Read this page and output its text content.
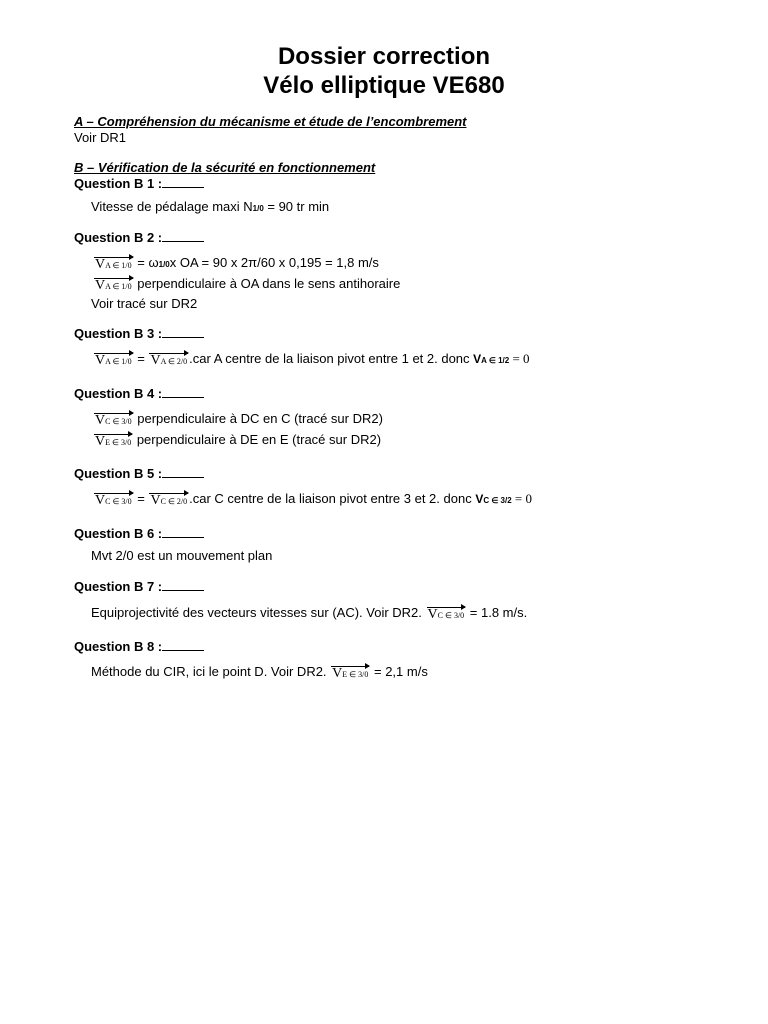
Dossier correction
Vélo elliptique VE680
A – Compréhension du mécanisme et étude de l’encombrement
Voir DR1
B – Vérification de la sécurité en fonctionnement
Question B 1 :
Vitesse de pédalage maxi N1/0 = 90 tr min
Question B 2 :
VA ∈ 1/0 = ω1/0x OA = 90 x 2π/60 x 0,195 = 1,8 m/s
VA ∈ 1/0 perpendiculaire à OA dans le sens antihoraire
Voir tracé sur DR2
Question B 3 :
VA ∈ 1/0 = VA ∈ 2/0 .car A centre de la liaison pivot entre 1 et 2. donc VA ∈ 1/2 = 0
Question B 4 :
VC ∈ 3/0 perpendiculaire à DC en C (tracé sur DR2)
VE ∈ 3/0 perpendiculaire à DE en E (tracé sur DR2)
Question B 5 :
VC ∈ 3/0 = VC ∈ 2/0 .car C centre de la liaison pivot entre 3 et 2. donc VC ∈ 3/2 = 0
Question B 6 :
Mvt 2/0 est un mouvement plan
Question B 7 :
Equiprojectivité des vecteurs vitesses sur (AC). Voir DR2. VC ∈ 3/0 = 1.8 m/s.
Question B 8 :
Méthode du CIR, ici le point D. Voir DR2. VE ∈ 3/0 = 2,1 m/s
